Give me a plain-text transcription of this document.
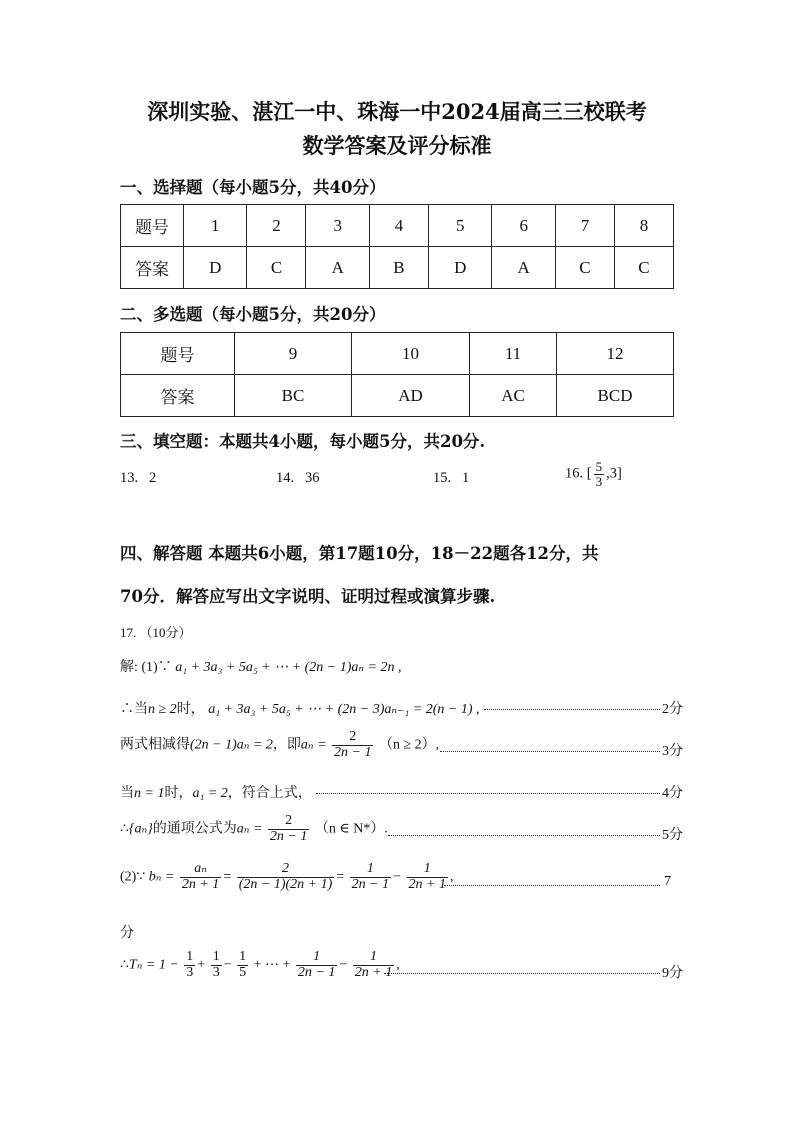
深圳实验、湛江一中、珠海一中2024届高三三校联考
数学答案及评分标准
一、选择题（每小题5分，共40分）
题号	1	2	3	4	5	6	7	8
答案	D	C	A	B	D	A	C	C
二、多选题（每小题5分，共20分）
题号	9	10	11	12
答案	BC	AD	AC	BCD
三、填空题：本题共4小题，每小题5分，共20分.
13. 2	14. 36	15. 1	16. [ $\frac{5}{3} ,3$]
四、解答题 本题共6小题，第17题10分，18－22题各12分，共
70分．解答应写出文字说明、证明过程或演算步骤.
17. （10分）
解: (1)∵ a₁ + 3a₃ + 5a₅ + ⋯ + (2n − 1)aₙ = 2n ,
∴当n ≥ 2时， a₁ + 3a₃ + 5a₅ + ⋯ + (2n − 3)aₙ₋₁ = 2(n − 1) ,	2分
两式相减得(2n − 1)aₙ = 2，即$a_n = \frac{2}{2n - 1} (n \ge 2)$,	3分
当n = 1时，a₁ = 2，符合上式，	4分
∴{aₙ}的通项公式为$a_n = \frac{2}{2n - 1} (n$ ∈ N*）.	5分
(2)∵ $b_n = \frac{\text{aₙ}}{2n + 1} = \frac{2}{(2n - 1)(2n + 1)} = \frac{1}{2n - 1} - \frac{1}{2n + 1}$ ,	7
分
∴Tₙ = $1 - \frac{1}{3} + \frac{1}{3} - \frac{1}{5}$ + ⋯ + $\frac{1}{2n - 1} - \frac{1}{2n + 1}$ ,
9分
